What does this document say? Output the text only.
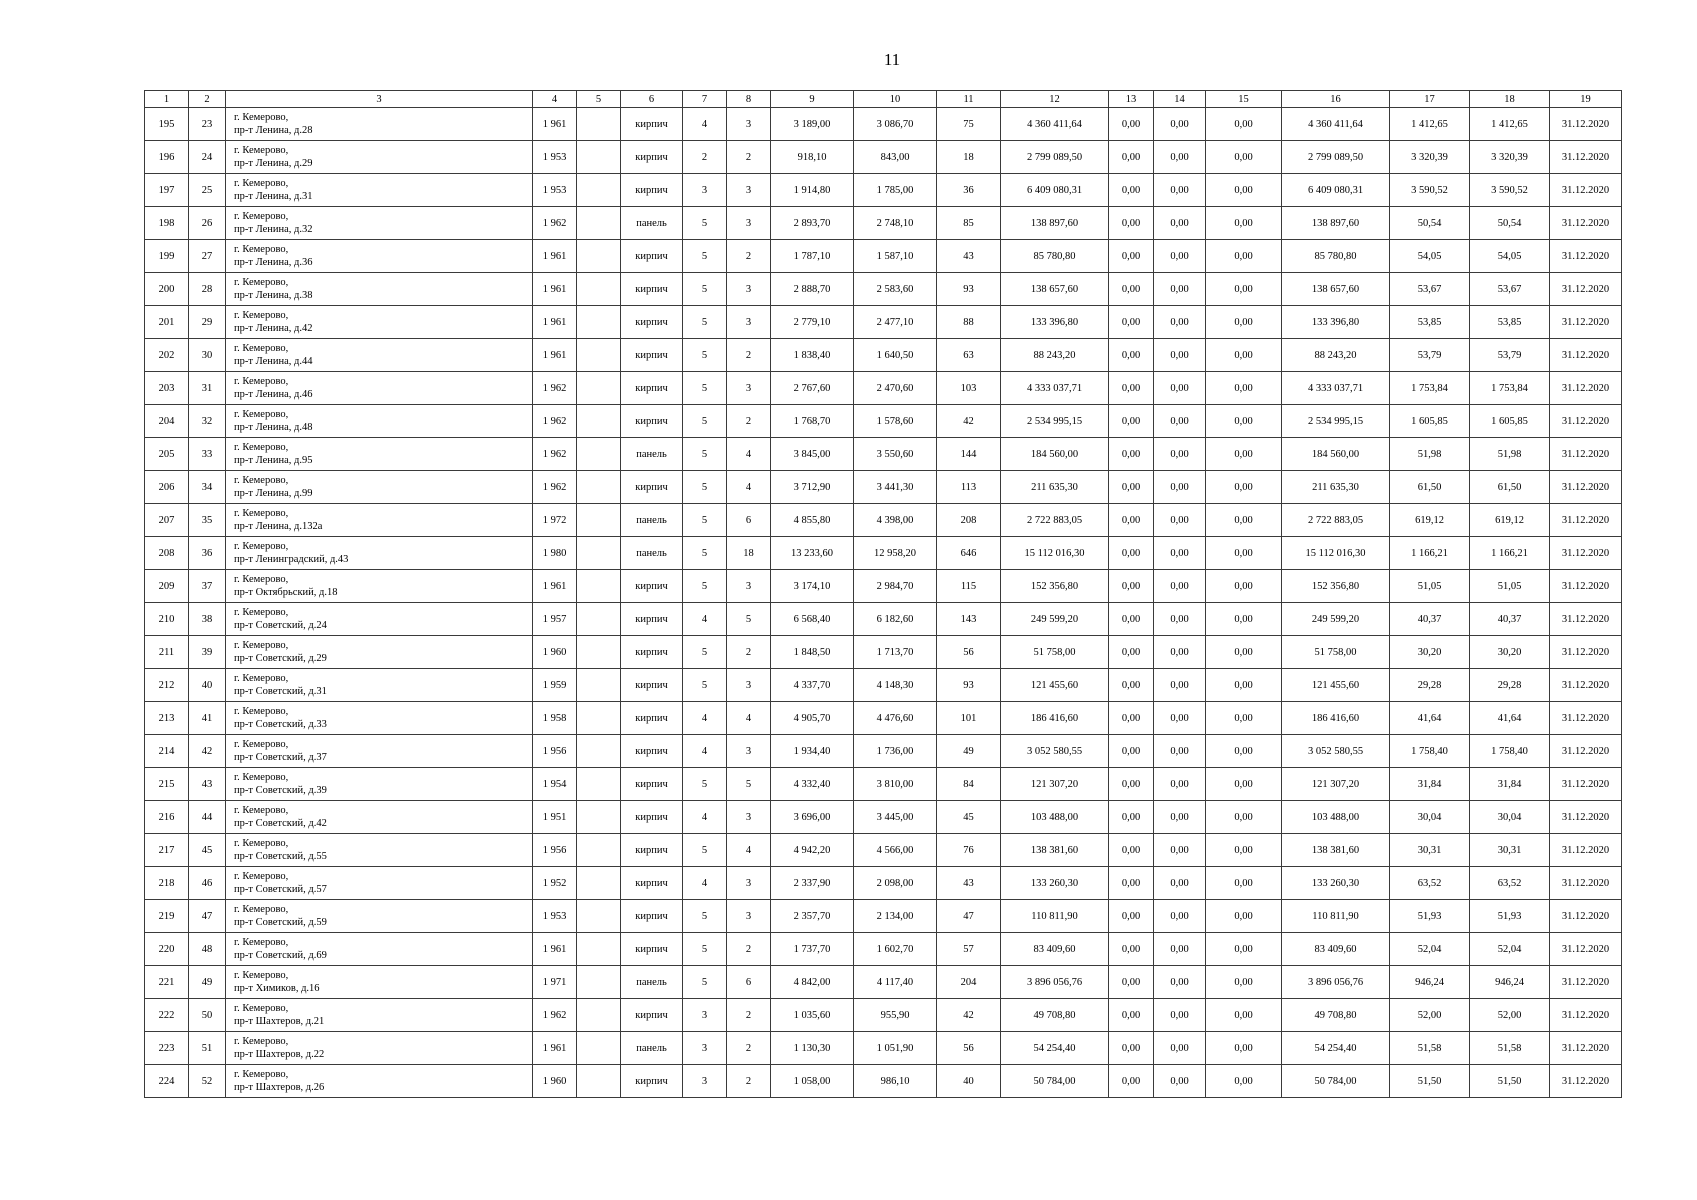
11
1	2	3	4	5	6	7	8	9	10	11	12	13	14	15	16	17	18	19
195	23	г. Кемерово,
пр-т Ленина, д.28	1 961		кирпич	4	3	3 189,00	3 086,70	75	4 360 411,64	0,00	0,00	0,00	4 360 411,64	1 412,65	1 412,65	31.12.2020
196	24	г. Кемерово,
пр-т Ленина, д.29	1 953		кирпич	2	2	918,10	843,00	18	2 799 089,50	0,00	0,00	0,00	2 799 089,50	3 320,39	3 320,39	31.12.2020
197	25	г. Кемерово,
пр-т Ленина, д.31	1 953		кирпич	3	3	1 914,80	1 785,00	36	6 409 080,31	0,00	0,00	0,00	6 409 080,31	3 590,52	3 590,52	31.12.2020
198	26	г. Кемерово,
пр-т Ленина, д.32	1 962		панель	5	3	2 893,70	2 748,10	85	138 897,60	0,00	0,00	0,00	138 897,60	50,54	50,54	31.12.2020
199	27	г. Кемерово,
пр-т Ленина, д.36	1 961		кирпич	5	2	1 787,10	1 587,10	43	85 780,80	0,00	0,00	0,00	85 780,80	54,05	54,05	31.12.2020
200	28	г. Кемерово,
пр-т Ленина, д.38	1 961		кирпич	5	3	2 888,70	2 583,60	93	138 657,60	0,00	0,00	0,00	138 657,60	53,67	53,67	31.12.2020
201	29	г. Кемерово,
пр-т Ленина, д.42	1 961		кирпич	5	3	2 779,10	2 477,10	88	133 396,80	0,00	0,00	0,00	133 396,80	53,85	53,85	31.12.2020
202	30	г. Кемерово,
пр-т Ленина, д.44	1 961		кирпич	5	2	1 838,40	1 640,50	63	88 243,20	0,00	0,00	0,00	88 243,20	53,79	53,79	31.12.2020
203	31	г. Кемерово,
пр-т Ленина, д.46	1 962		кирпич	5	3	2 767,60	2 470,60	103	4 333 037,71	0,00	0,00	0,00	4 333 037,71	1 753,84	1 753,84	31.12.2020
204	32	г. Кемерово,
пр-т Ленина, д.48	1 962		кирпич	5	2	1 768,70	1 578,60	42	2 534 995,15	0,00	0,00	0,00	2 534 995,15	1 605,85	1 605,85	31.12.2020
205	33	г. Кемерово,
пр-т Ленина, д.95	1 962		панель	5	4	3 845,00	3 550,60	144	184 560,00	0,00	0,00	0,00	184 560,00	51,98	51,98	31.12.2020
206	34	г. Кемерово,
пр-т Ленина, д.99	1 962		кирпич	5	4	3 712,90	3 441,30	113	211 635,30	0,00	0,00	0,00	211 635,30	61,50	61,50	31.12.2020
207	35	г. Кемерово,
пр-т Ленина, д.132а	1 972		панель	5	6	4 855,80	4 398,00	208	2 722 883,05	0,00	0,00	0,00	2 722 883,05	619,12	619,12	31.12.2020
208	36	г. Кемерово,
пр-т Ленинградский, д.43	1 980		панель	5	18	13 233,60	12 958,20	646	15 112 016,30	0,00	0,00	0,00	15 112 016,30	1 166,21	1 166,21	31.12.2020
209	37	г. Кемерово,
пр-т Октябрьский, д.18	1 961		кирпич	5	3	3 174,10	2 984,70	115	152 356,80	0,00	0,00	0,00	152 356,80	51,05	51,05	31.12.2020
210	38	г. Кемерово,
пр-т Советский, д.24	1 957		кирпич	4	5	6 568,40	6 182,60	143	249 599,20	0,00	0,00	0,00	249 599,20	40,37	40,37	31.12.2020
211	39	г. Кемерово,
пр-т Советский, д.29	1 960		кирпич	5	2	1 848,50	1 713,70	56	51 758,00	0,00	0,00	0,00	51 758,00	30,20	30,20	31.12.2020
212	40	г. Кемерово,
пр-т Советский, д.31	1 959		кирпич	5	3	4 337,70	4 148,30	93	121 455,60	0,00	0,00	0,00	121 455,60	29,28	29,28	31.12.2020
213	41	г. Кемерово,
пр-т Советский, д.33	1 958		кирпич	4	4	4 905,70	4 476,60	101	186 416,60	0,00	0,00	0,00	186 416,60	41,64	41,64	31.12.2020
214	42	г. Кемерово,
пр-т Советский, д.37	1 956		кирпич	4	3	1 934,40	1 736,00	49	3 052 580,55	0,00	0,00	0,00	3 052 580,55	1 758,40	1 758,40	31.12.2020
215	43	г. Кемерово,
пр-т Советский, д.39	1 954		кирпич	5	5	4 332,40	3 810,00	84	121 307,20	0,00	0,00	0,00	121 307,20	31,84	31,84	31.12.2020
216	44	г. Кемерово,
пр-т Советский, д.42	1 951		кирпич	4	3	3 696,00	3 445,00	45	103 488,00	0,00	0,00	0,00	103 488,00	30,04	30,04	31.12.2020
217	45	г. Кемерово,
пр-т Советский, д.55	1 956		кирпич	5	4	4 942,20	4 566,00	76	138 381,60	0,00	0,00	0,00	138 381,60	30,31	30,31	31.12.2020
218	46	г. Кемерово,
пр-т Советский, д.57	1 952		кирпич	4	3	2 337,90	2 098,00	43	133 260,30	0,00	0,00	0,00	133 260,30	63,52	63,52	31.12.2020
219	47	г. Кемерово,
пр-т Советский, д.59	1 953		кирпич	5	3	2 357,70	2 134,00	47	110 811,90	0,00	0,00	0,00	110 811,90	51,93	51,93	31.12.2020
220	48	г. Кемерово,
пр-т Советский, д.69	1 961		кирпич	5	2	1 737,70	1 602,70	57	83 409,60	0,00	0,00	0,00	83 409,60	52,04	52,04	31.12.2020
221	49	г. Кемерово,
пр-т Химиков, д.16	1 971		панель	5	6	4 842,00	4 117,40	204	3 896 056,76	0,00	0,00	0,00	3 896 056,76	946,24	946,24	31.12.2020
222	50	г. Кемерово,
пр-т Шахтеров, д.21	1 962		кирпич	3	2	1 035,60	955,90	42	49 708,80	0,00	0,00	0,00	49 708,80	52,00	52,00	31.12.2020
223	51	г. Кемерово,
пр-т Шахтеров, д.22	1 961		панель	3	2	1 130,30	1 051,90	56	54 254,40	0,00	0,00	0,00	54 254,40	51,58	51,58	31.12.2020
224	52	г. Кемерово,
пр-т Шахтеров, д.26	1 960		кирпич	3	2	1 058,00	986,10	40	50 784,00	0,00	0,00	0,00	50 784,00	51,50	51,50	31.12.2020
